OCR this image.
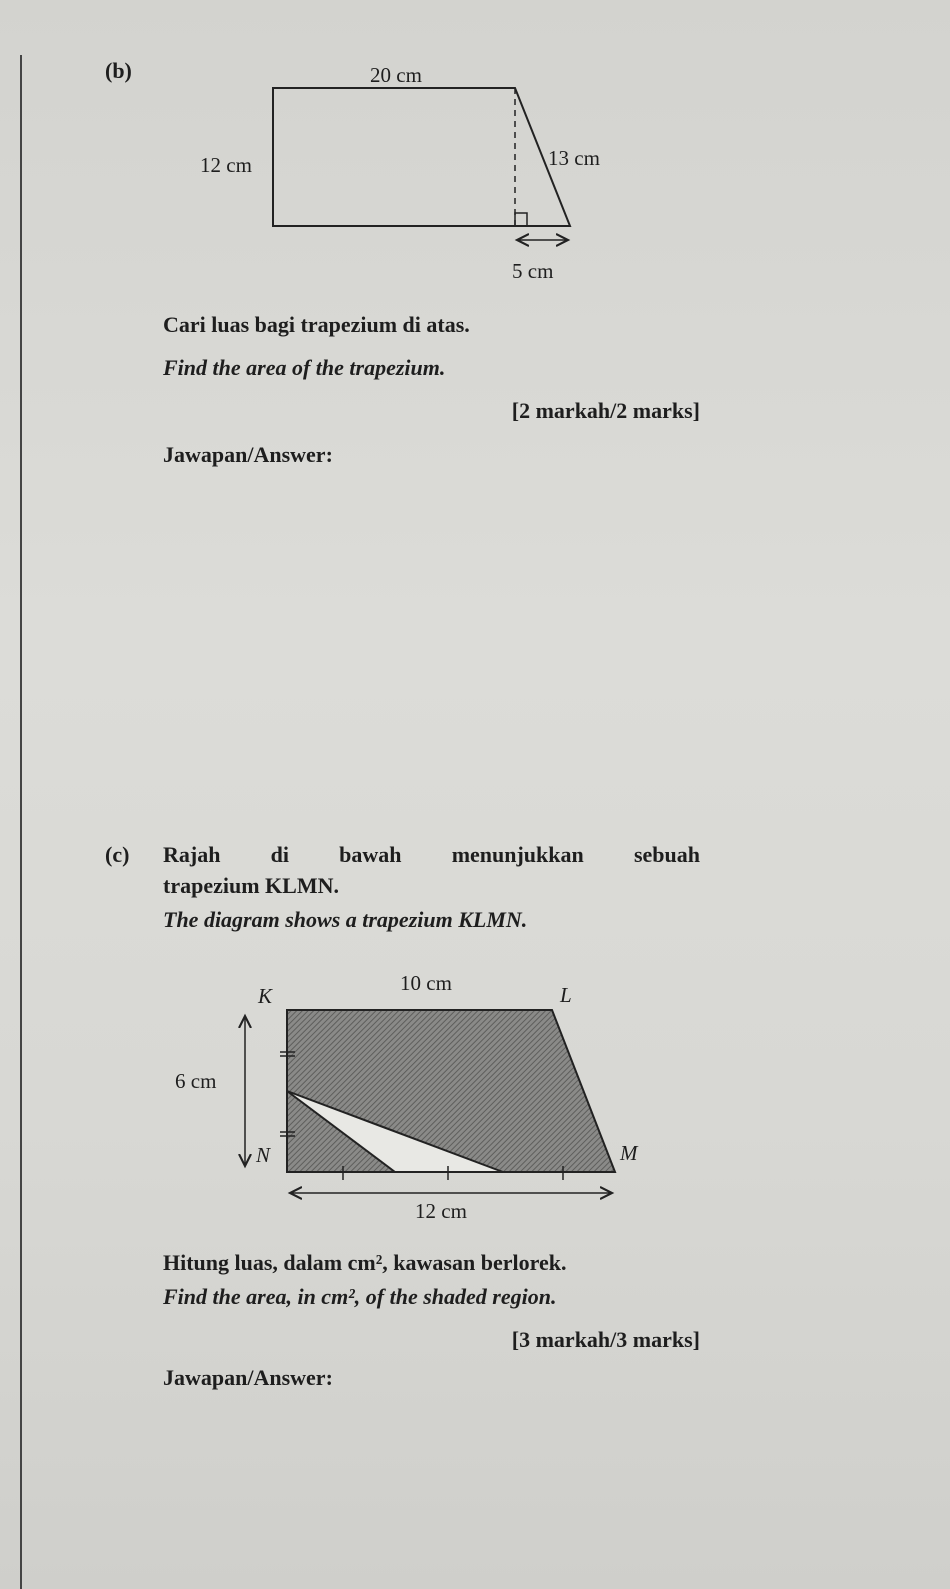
(b)	20 cm
12 cm	13 cm
5 cm
K	L
M
N
10 cm
6 cm
12 cm
Cari luas bagi trapezium di atas.
Find the area of the trapezium.
[2 markah/2 marks]
Jawapan/Answer:
(c) Rajah di bawah menunjukkan sebuah
trapezium KLMN.
The diagram shows a trapezium KLMN.
Hitung luas, dalam cm², kawasan berlorek.
Find the area, in cm², of the shaded region.
[3 markah/3 marks]
Jawapan/Answer:
